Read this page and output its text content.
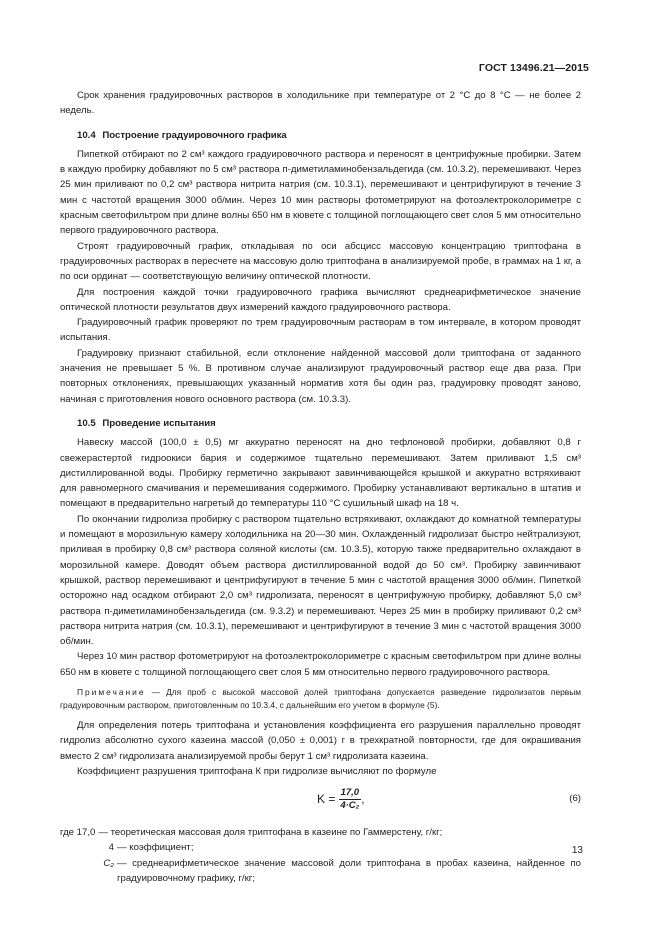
ГОСТ 13496.21—2015

Срок хранения градуировочных растворов в холодильнике при температуре от 2 °С до 8 °С — не более 2 недель.

10.4 Построение градуировочного графика

Пипеткой отбирают по 2 см³ каждого градуировочного раствора и переносят в центрифужные пробирки. Затем в каждую пробирку добавляют по 5 см³ раствора п-диметиламинобензальдегида (см. 10.3.2), перемешивают. Через 25 мин приливают по 0,2 см³ раствора нитрита натрия (см. 10.3.1), перемешивают и центрифугируют в течение 3 мин с частотой вращения 3000 об/мин. Через 10 мин растворы фотометрируют на фотоэлектроколориметре с красным светофильтром при длине волны 650 нм в кювете с толщиной поглощающего свет слоя 5 мм относительно первого градуировочного раствора.

Строят градуировочный график, откладывая по оси абсцисс массовую концентрацию триптофана в градуировочных растворах в пересчете на массовую долю триптофана в анализируемой пробе, в граммах на 1 кг, а по оси ординат — соответствующую величину оптической плотности.

Для построения каждой точки градуировочного графика вычисляют среднеарифметическое значение оптической плотности результатов двух измерений каждого градуировочного раствора.

Градуировочный график проверяют по трем градуировочным растворам в том интервале, в котором проводят испытания.

Градуировку признают стабильной, если отклонение найденной массовой доли триптофана от заданного значения не превышает 5 %. В противном случае анализируют градуировочный раствор еще два раза. При повторных отклонениях, превышающих указанный норматив хотя бы один раз, градуировку проводят заново, начиная с приготовления нового основного раствора (см. 10.3.3).

10.5 Проведение испытания

Навеску массой (100,0 ± 0,5) мг аккуратно переносят на дно тефлоновой пробирки, добавляют 0,8 г свежерастертой гидроокиси бария и содержимое тщательно перемешивают. Затем приливают 1,5 см³ дистиллированной воды. Пробирку герметично закрывают завинчивающейся крышкой и аккуратно встряхивают для равномерного смачивания и перемешивания содержимого. Пробирку устанавливают вертикально в штатив и помещают в предварительно нагретый до температуры 110 °С сушильный шкаф на 18 ч.

По окончании гидролиза пробирку с раствором тщательно встряхивают, охлаждают до комнатной температуры и помещают в морозильную камеру холодильника на 20—30 мин. Охлажденный гидролизат быстро нейтрализуют, приливая в пробирку 0,8 см³ раствора соляной кислоты (см. 10.3.5), которую также предварительно охлаждают в морозильной камере. Доводят объем раствора дистиллированной водой до 50 см³. Пробирку завинчивают крышкой, раствор перемешивают и центрифугируют в течение 5 мин с частотой вращения 3000 об/мин. Пипеткой осторожно над осадком отбирают 2,0 см³ гидролизата, переносят в центрифужную пробирку, добавляют 5,0 см³ раствора п-диметиламинобензальдегида (см. 9.3.2) и перемешивают. Через 25 мин в пробирку приливают 0,2 см³ раствора нитрита натрия (см. 10.3.1), перемешивают и центрифугируют в течение 3 мин с частотой вращения 3000 об/мин.

Через 10 мин раствор фотометрируют на фотоэлектроколориметре с красным светофильтром при длине волны 650 нм в кювете с толщиной поглощающего свет слоя 5 мм относительно первого градуировочного раствора.

Примечание — Для проб с высокой массовой долей триптофана допускается разведение гидролизатов первым градуировочным раствором, приготовленным по 10.3.4, с дальнейшим его учетом в формуле (5).

Для определения потерь триптофана и установления коэффициента его разрушения параллельно проводят гидролиз абсолютно сухого казеина массой (0,050 ± 0,001) г в трехкратной повторности, где для окрашивания вместо 2 см³ гидролизата анализируемой пробы берут 1 см³ гидролизата казеина.

Коэффициент разрушения триптофана К при гидролизе вычисляют по формуле

$K = \frac{17,0}{\text{4·C₂}}$ ,	(6)
где 17,0 — теоретическая массовая доля триптофана в казеине по Гаммерстену, г/кг;
4 — коэффициент;
C₂ — среднеарифметическое значение массовой доли триптофана в пробах казеина, найденное по градуировочному графику, г/кг;
13
